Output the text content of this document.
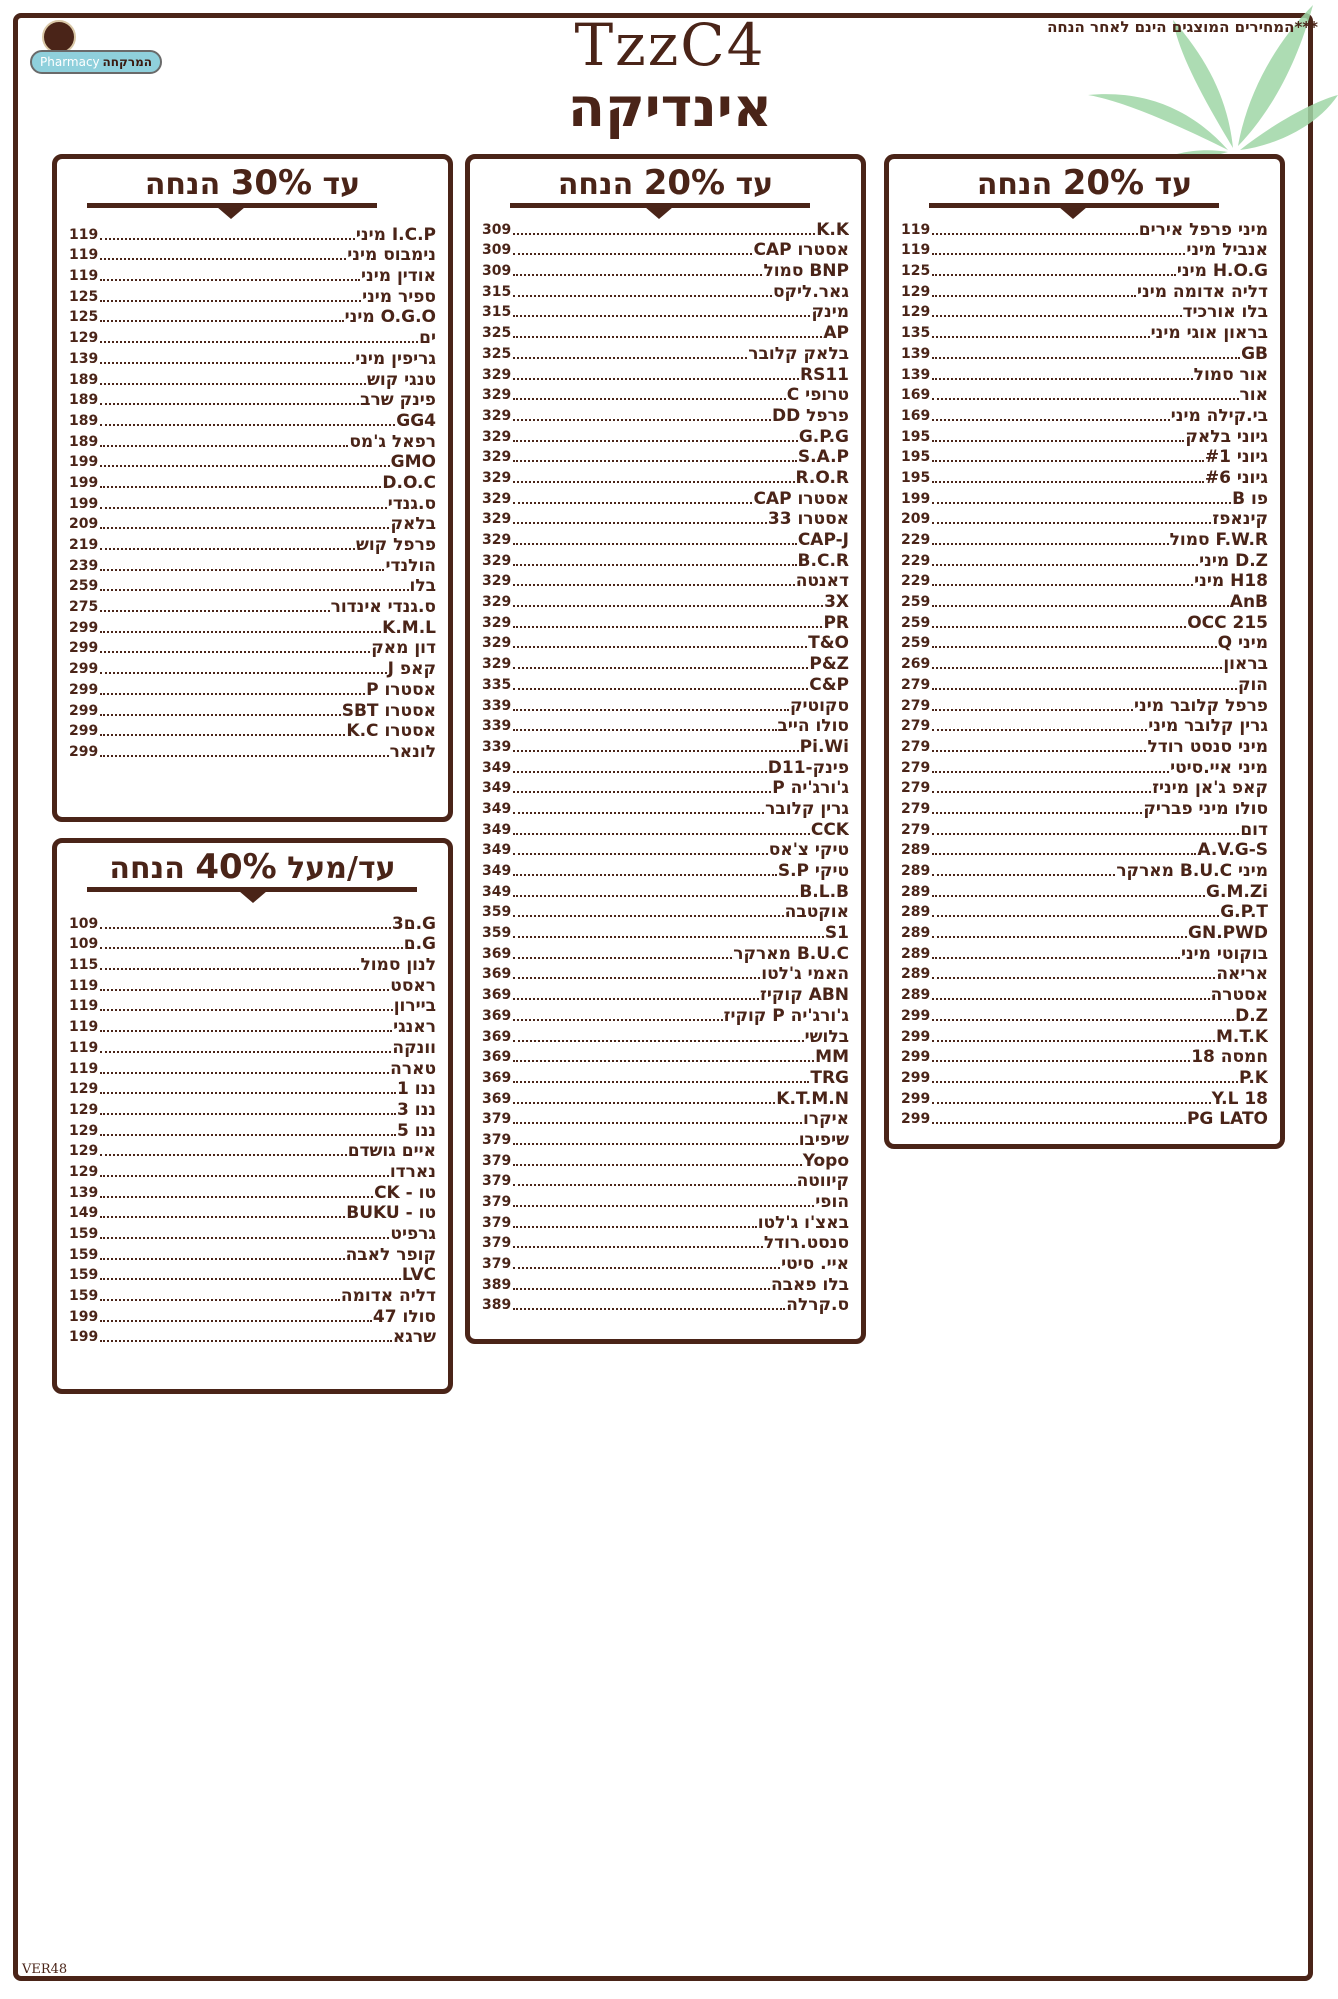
***המחירים המוצגים הינם לאחר הנחה
Pharmacy המרקחה	TzzC4
אינדיקה
עד 30% הנחה
I.C.P מיני
119
נימבוס מיני
119
אודין מיני
119
ספיר מיני
125
O.G.O מיני
125
ים
129
גריפין מיני
139
טנגי קוש
189
פינק שרב
189
GG4
189
רפאל ג'מס
189
GMO
199
D.O.C
199
ס.גנדי
199
בלאק
209
פרפל קוש
219
הולנדי
239
בלו
259
ס.גנדי אינדור
275
K.M.L
299
דון מאק
299
קאפ J
299
אסטרו P
299
אסטרו SBT
299
אסטרו K.C
299
לונאר
299
עד/מעל 40% הנחה
G.ם3
109
G.ם
109
לנון סמול
115
ראסט
119
ביירון
119
ראנגי
119
וונקה
119
טארה
119
ננו 1
129
ננו 3
129
ננו 5
129
איים גושדם
129
נארדו
129
טו - CK
139
טו - BUKU
149
גרפיט
159
קופר לאבה
159
LVC
159
דליה אדומה
159
סולו 47
199
שרגא
199
עד 20% הנחה
K.K
309
אסטרו CAP
309
BNP סמול
309
גאר.ליקס
315
מינק
315
AP
325
בלאק קלובר
325
RS11
329
טרופי C
329
פרפל DD
329
G.P.G
329
S.A.P
329
R.O.R
329
אסטרו CAP
329
אסטרו 33
329
CAP-J
329
B.C.R
329
דאנטה
329
3X
329
PR
329
T&O
329
P&Z
329
C&P
335
סקוטיק
339
סולו הייב
339
Pi.Wi
339
פינק-D11
349
ג'ורג'יה P
349
גרין קלובר
349
CCK
349
טיקי צ'אס
349
טיקי S.P
349
B.L.B
349
אוקטבה
359
S1
359
B.U.C מארקר
369
האמי ג'לטו
369
ABN קוקיז
369
ג'ורג'יה P קוקיז
369
בלושי
369
MM
369
TRG
369
K.T.M.N
369
איקרו
379
שיפיבו
379
Yopo
379
קיווטה
379
הופי
379
באצ'ו ג'לטו
379
סנסט.רודל
379
איי. סיטי
379
בלו פאבה
389
ס.קרלה
389
עד 20% הנחה
מיני פרפל אירים
119
אנביל מיני
119
H.O.G מיני
125
דליה אדומה מיני
129
בלו אורכיד
129
בראון אוגי מיני
135
GB
139
אור סמול
139
אור
169
בי.קילה מיני
169
גיוני בלאק
195
גיוני #1
195
גיוני #6
195
פו B
199
קינאפז
209
F.W.R סמול
229
D.Z מיני
229
H18 מיני
229
AnB
259
OCC 215
259
מיני Q
259
בראון
269
הוק
279
פרפל קלובר מיני
279
גרין קלובר מיני
279
מיני סנסט רודל
279
מיני איי.סיטי
279
קאפ ג'אן מיניז
279
סולו מיני פבריק
279
דום
279
A.V.G-S
289
מיני B.U.C מארקר
289
G.M.Zi
289
G.P.T
289
GN.PWD
289
בוקוטי מיני
289
אריאה
289
אסטרה
289
D.Z
299
M.T.K
299
חמסה 18
299
P.K
299
Y.L 18
299
PG LATO
299
VER48
